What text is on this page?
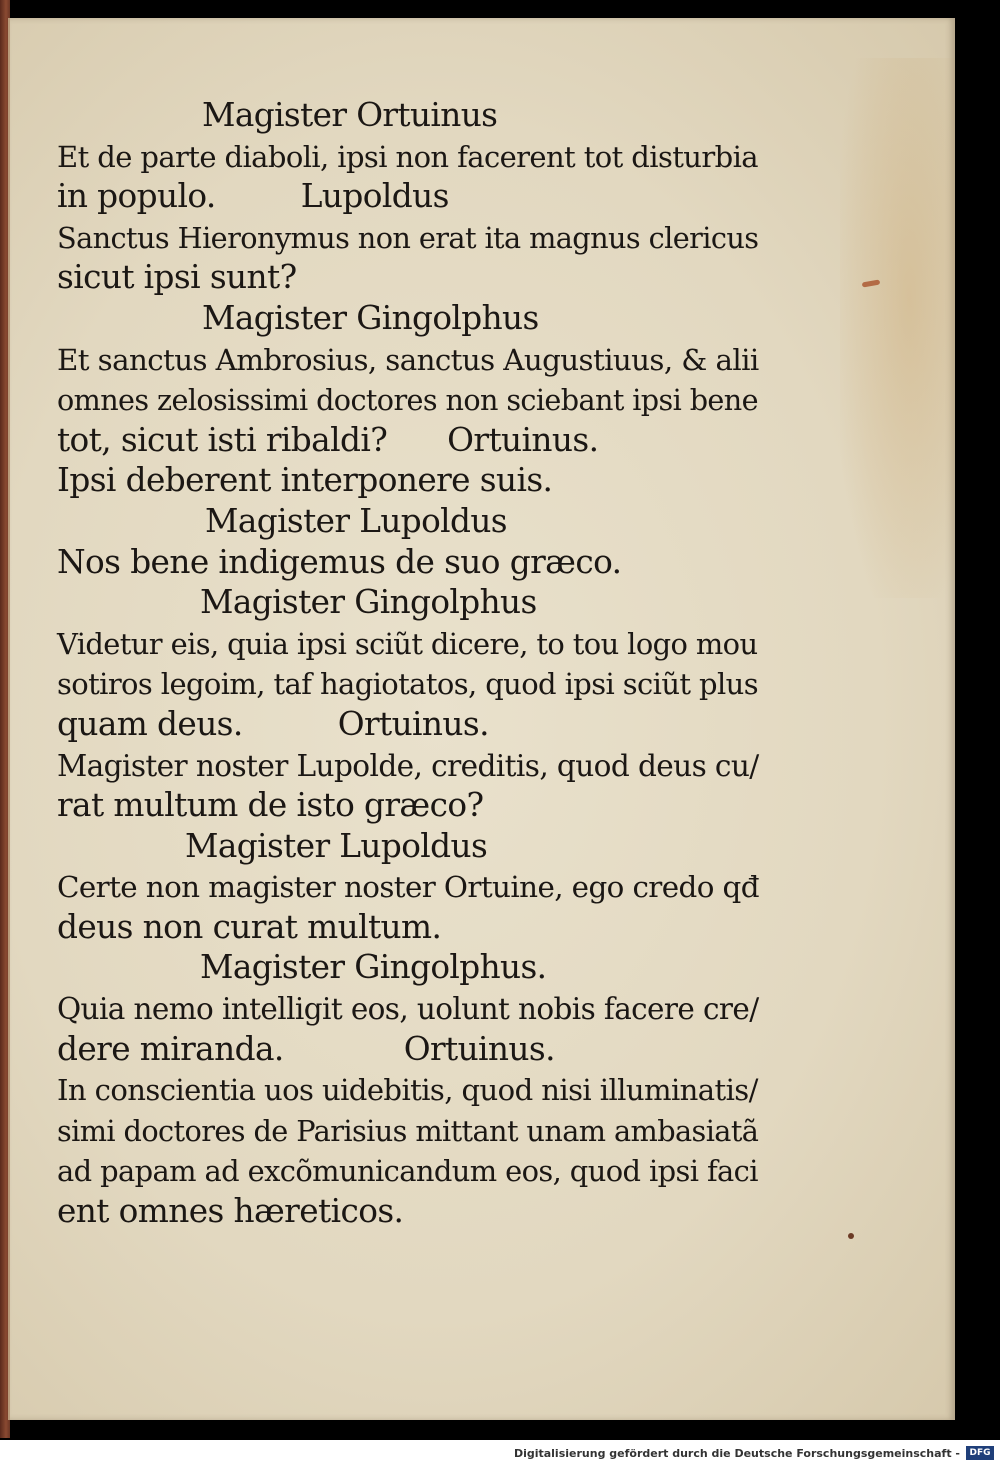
Magister Ortuinus
Et de parte diaboli, ipsi non facerent tot disturbia
in populo.	Lupoldus
Sanctus Hieronymus non erat ita magnus clericus
sicut ipsi sunt?
Magister Gingolphus
Et sanctus Ambrosius, sanctus Augustiuus, & alii
omnes zelosissimi doctores non sciebant ipsi bene
tot, sicut isti ribaldi? Ortuinus.
Ipsi deberent interponere suis.
Magister Lupoldus
Nos bene indigemus de suo græco.
Magister Gingolphus
Videtur eis, quia ipsi sciũt dicere, to tou logo mou
sotiros legoim, taf hagiotatos, quod ipsi sciũt plus
quam deus.	Ortuinus.
Magister noster Lupolde, creditis, quod deus cu/
rat multum de isto græco?
Magister Lupoldus
Certe non magister noster Ortuine, ego credo qđ
deus non curat multum.
Magister Gingolphus.
Quia nemo intelligit eos, uolunt nobis facere cre/
dere miranda.	Ortuinus.
In conscientia uos uidebitis, quod nisi illuminatis/
simi doctores de Parisius mittant unam ambasiatã
ad papam ad excõmunicandum eos, quod ipsi faci
ent omnes hæreticos.
Digitalisierung gefördert durch die Deutsche Forschungsgemeinschaft -	DFG
